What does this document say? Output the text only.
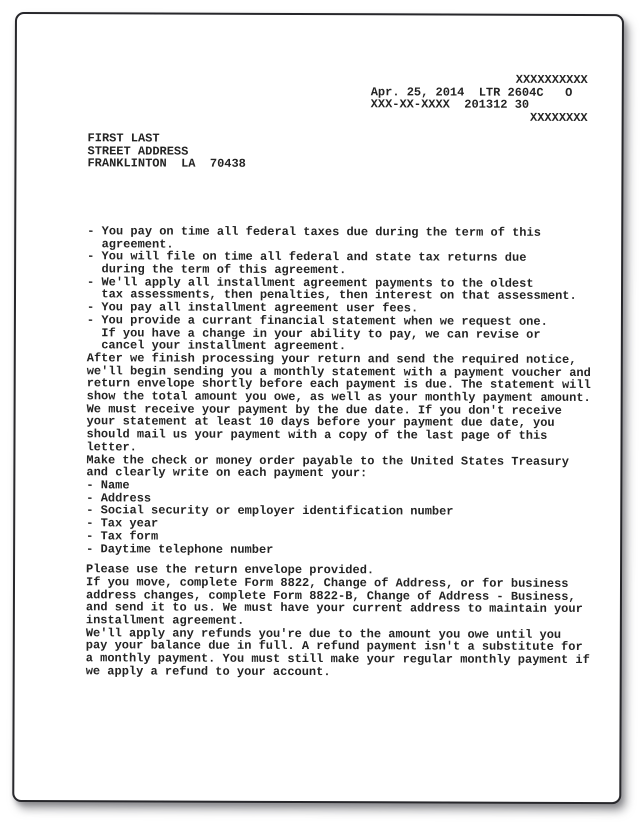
XXXXXXXXXX
Apr. 25, 2014  LTR 2604C   O
XXX-XX-XXXX  201312 30
XXXXXXXX
FIRST LAST
STREET ADDRESS
FRANKLINTON  LA  70438
- You pay on time all federal taxes due during the term of this
agreement.
- You will file on time all federal and state tax returns due
during the term of this agreement.
- We'll apply all installment agreement payments to the oldest
tax assessments, then penalties, then interest on that assessment.
- You pay all installment agreement user fees.
- You provide a currant financial statement when we request one.
If you have a change in your ability to pay, we can revise or
cancel your installment agreement.
After we finish processing your return and send the required notice,
we'll begin sending you a monthly statement with a payment voucher and
return envelope shortly before each payment is due. The statement will
show the total amount you owe, as well as your monthly payment amount.
We must receive your payment by the due date. If you don't receive
your statement at least 10 days before your payment due date, you
should mail us your payment with a copy of the last page of this
letter.
Make the check or money order payable to the United States Treasury
and clearly write on each payment your:
- Name
- Address
- Social security or employer identification number
- Tax year
- Tax form
- Daytime telephone number
Please use the return envelope provided.
If you move, complete Form 8822, Change of Address, or for business
address changes, complete Form 8822-B, Change of Address - Business,
and send it to us. We must have your current address to maintain your
installment agreement.
We'll apply any refunds you're due to the amount you owe until you
pay your balance due in full. A refund payment isn't a substitute for
a monthly payment. You must still make your regular monthly payment if
we apply a refund to your account.
